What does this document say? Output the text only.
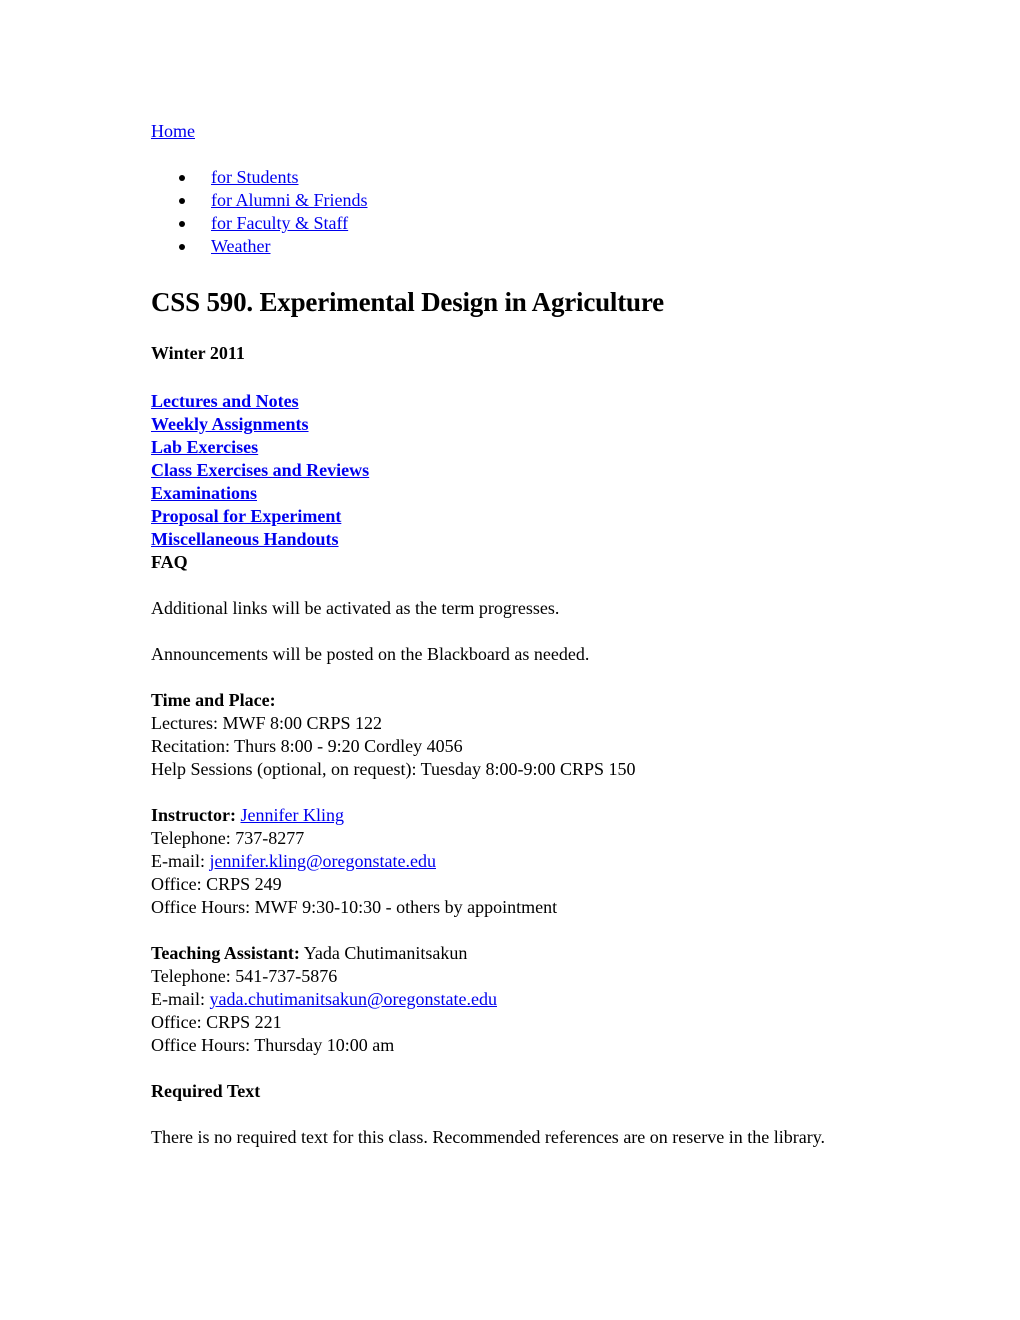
Home
for Students
for Alumni & Friends
for Faculty & Staff
Weather
CSS 590. Experimental Design in Agriculture
Winter 2011
Lectures and Notes
Weekly Assignments
Lab Exercises
Class Exercises and Reviews
Examinations
Proposal for Experiment
Miscellaneous Handouts
FAQ

Additional links will be activated as the term progresses.

Announcements will be posted on the Blackboard as needed.

Time and Place:
Lectures: MWF 8:00 CRPS 122
Recitation: Thurs 8:00 - 9:20 Cordley 4056
Help Sessions (optional, on request): Tuesday 8:00-9:00 CRPS 150
Instructor: Jennifer Kling
Telephone: 737-8277
E-mail: jennifer.kling@oregonstate.edu
Office: CRPS 249
Office Hours: MWF 9:30-10:30 - others by appointment
Teaching Assistant: Yada Chutimanitsakun
Telephone: 541-737-5876
E-mail: yada.chutimanitsakun@oregonstate.edu
Office: CRPS 221
Office Hours: Thursday 10:00 am

Required Text

There is no required text for this class. Recommended references are on reserve in the library.
